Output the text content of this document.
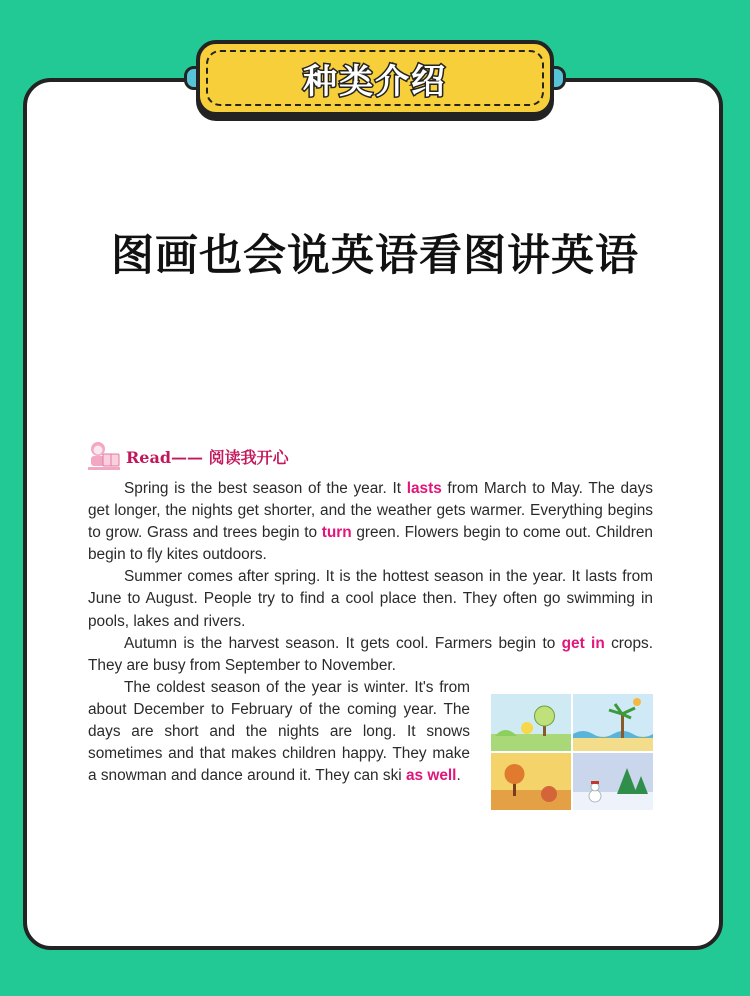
种类介绍
图画也会说英语看图讲英语
Read—— 阅读我开心

Spring is the best season of the year. It lasts from March to May. The days get longer, the nights get shorter, and the weather gets warmer. Everything begins to grow. Grass and trees begin to turn green. Flowers begin to come out. Children begin to fly kites outdoors.

Summer comes after spring. It is the hottest season in the year. It lasts from June to August. People try to find a cool place then. They often go swimming in pools, lakes and rivers.

Autumn is the harvest season. It gets cool. Farmers begin to get in crops. They are busy from September to November.

The coldest season of the year is winter. It's from about December to February of the coming year. The days are short and the nights are long. It snows sometimes and that makes children happy. They make a snowman and dance around it. They can ski as well.
